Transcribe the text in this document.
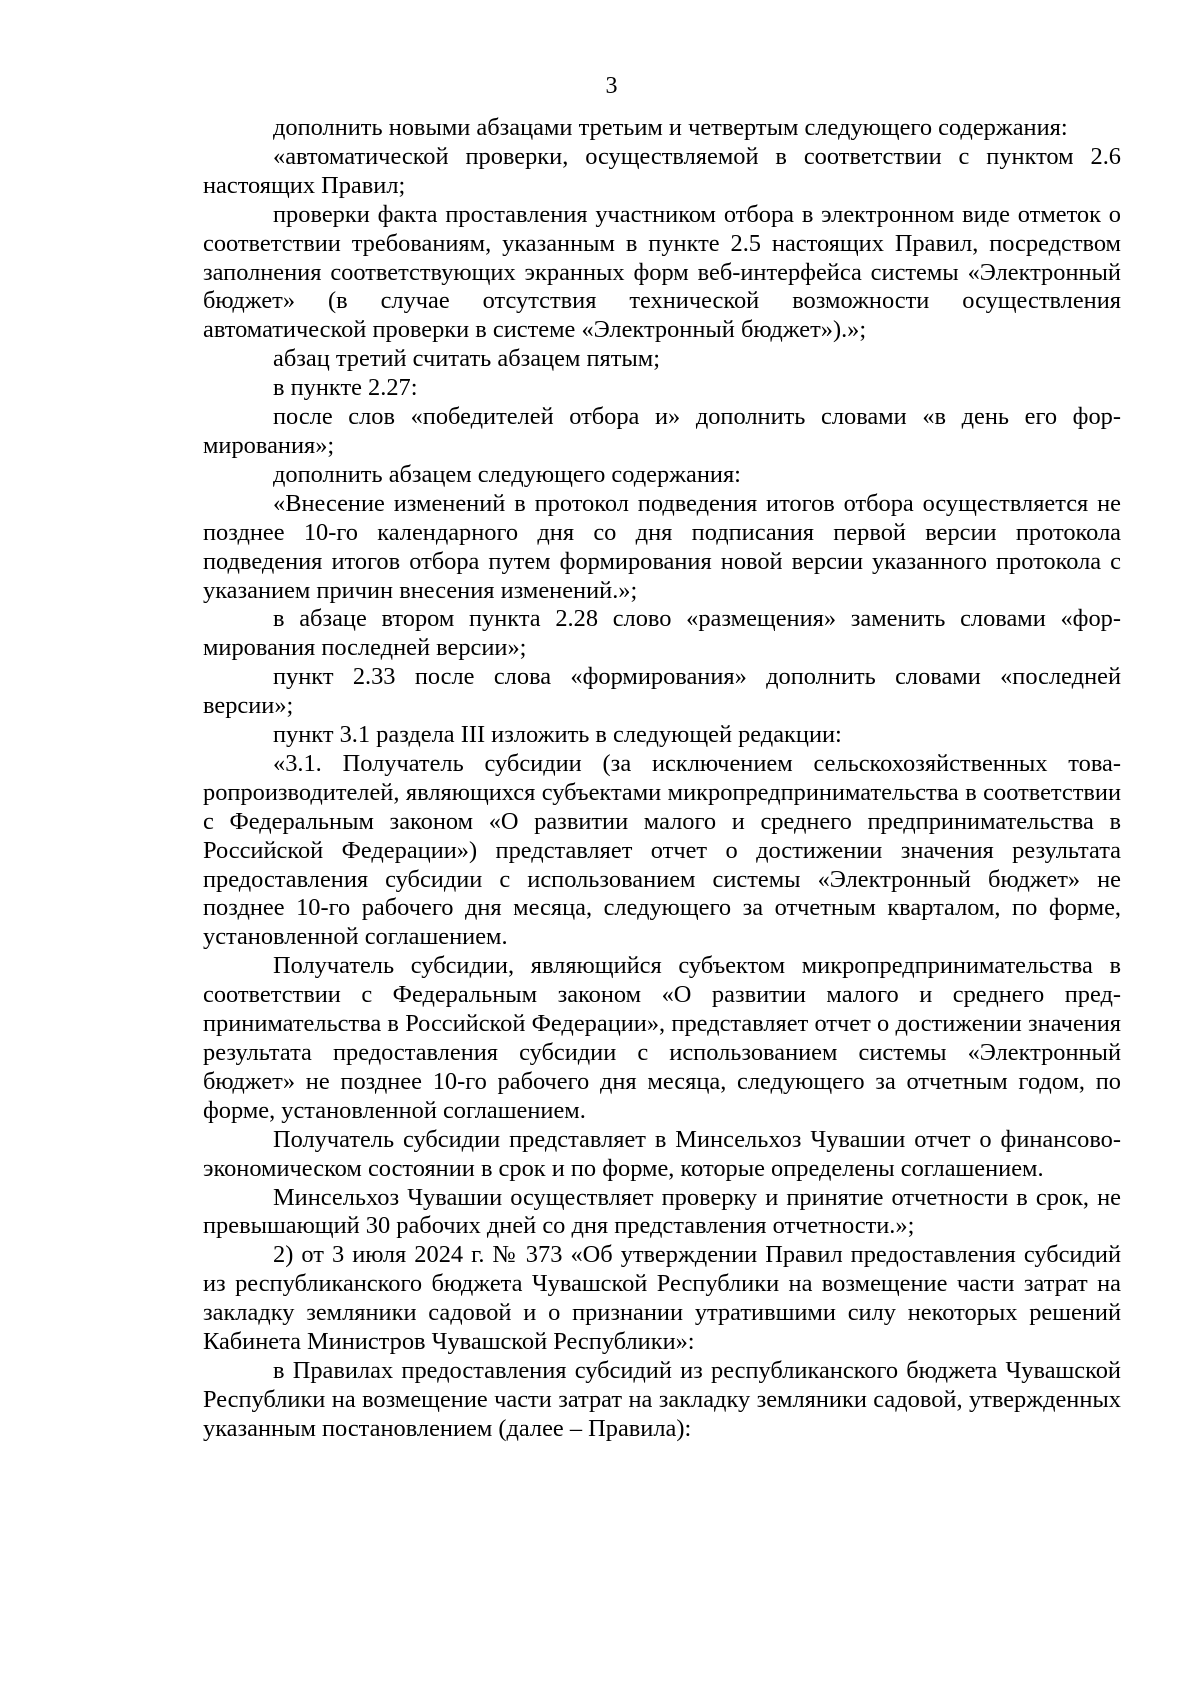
3

дополнить новыми абзацами третьим и четвертым следующего содержания:

«автоматической проверки, осуществляемой в соответствии с пунктом 2.6 настоящих Правил;

проверки факта проставления участником отбора в электронном виде отметок о соответствии требованиям, указанным в пункте 2.5 настоящих Правил, посредством заполнения соответствующих экранных форм веб-интерфейса системы «Электронный бюджет» (в случае отсутствия технической возможности осуществления автоматической проверки в системе «Электронный бюджет»).»;

абзац третий считать абзацем пятым;

в пункте 2.27:

после слов «победителей отбора и» дополнить словами «в день его формирования»;

дополнить абзацем следующего содержания:

«Внесение изменений в протокол подведения итогов отбора осуществляется не позднее 10-го календарного дня со дня подписания первой версии протокола подведения итогов отбора путем формирования новой версии указанного протокола с указанием причин внесения изменений.»;

в абзаце втором пункта 2.28 слово «размещения» заменить словами «формирования последней версии»;

пункт 2.33 после слова «формирования» дополнить словами «последней версии»;

пункт 3.1 раздела III изложить в следующей редакции:

«3.1. Получатель субсидии (за исключением сельскохозяйственных товаропроизводителей, являющихся субъектами микропредпринимательства в соответствии с Федеральным законом «О развитии малого и среднего предпринимательства в Российской Федерации») представляет отчет о достижении значения результата предоставления субсидии с использованием системы «Электронный бюджет» не позднее 10-го рабочего дня месяца, следующего за отчетным кварталом, по форме, установленной соглашением.

Получатель субсидии, являющийся субъектом микропредпринимательства в соответствии с Федеральным законом «О развитии малого и среднего предпринимательства в Российской Федерации», представляет отчет о достижении значения результата предоставления субсидии с использованием системы «Электронный бюджет» не позднее 10-го рабочего дня месяца, следующего за отчетным годом, по форме, установленной соглашением.

Получатель субсидии представляет в Минсельхоз Чувашии отчет о финансово-экономическом состоянии в срок и по форме, которые определены соглашением.

Минсельхоз Чувашии осуществляет проверку и принятие отчетности в срок, не превышающий 30 рабочих дней со дня представления отчетности.»;

2) от 3 июля 2024 г. № 373 «Об утверждении Правил предоставления субсидий из республиканского бюджета Чувашской Республики на возмещение части затрат на закладку земляники садовой и о признании утратившими силу некоторых решений Кабинета Министров Чувашской Республики»:

в Правилах предоставления субсидий из республиканского бюджета Чувашской Республики на возмещение части затрат на закладку земляники садовой, утвержденных указанным постановлением (далее – Правила):
